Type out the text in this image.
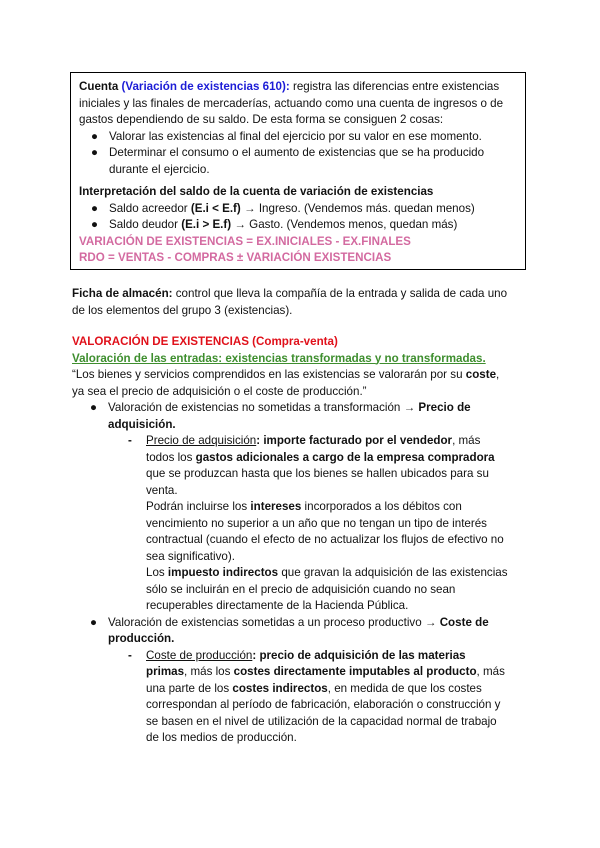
Cuenta (Variación de existencias 610): registra las diferencias entre existencias
iniciales y las finales de mercaderías, actuando como una cuenta de ingresos o de
gastos dependiendo de su saldo. De esta forma se consiguen 2 cosas:
● Valorar las existencias al final del ejercicio por su valor en ese momento.
● Determinar el consumo o el aumento de existencias que se ha producido
durante el ejercicio.
Interpretación del saldo de la cuenta de variación de existencias
● Saldo acreedor (E.i < E.f) → Ingreso. (Vendemos más. quedan menos)
● Saldo deudor (E.i > E.f) → Gasto. (Vendemos menos, quedan más)
VARIACIÓN DE EXISTENCIAS = EX.INICIALES - EX.FINALES
RDO = VENTAS - COMPRAS ± VARIACIÓN EXISTENCIAS
Ficha de almacén: control que lleva la compañía de la entrada y salida de cada uno
de los elementos del grupo 3 (existencias).
VALORACIÓN DE EXISTENCIAS (Compra-venta)
Valoración de las entradas: existencias transformadas y no transformadas.
“Los bienes y servicios comprendidos en las existencias se valorarán por su coste,
ya sea el precio de adquisición o el coste de producción.”
● Valoración de existencias no sometidas a transformación → Precio de
adquisición.
- Precio de adquisición: importe facturado por el vendedor, más
todos los gastos adicionales a cargo de la empresa compradora
que se produzcan hasta que los bienes se hallen ubicados para su
venta.
Podrán incluirse los intereses incorporados a los débitos con
vencimiento no superior a un año que no tengan un tipo de interés
contractual (cuando el efecto de no actualizar los flujos de efectivo no
sea significativo).
Los impuesto indirectos que gravan la adquisición de las existencias
sólo se incluirán en el precio de adquisición cuando no sean
recuperables directamente de la Hacienda Pública.
● Valoración de existencias sometidas a un proceso productivo → Coste de
producción.
- Coste de producción: precio de adquisición de las materias
primas, más los costes directamente imputables al producto, más
una parte de los costes indirectos, en medida de que los costes
correspondan al período de fabricación, elaboración o construcción y
se basen en el nivel de utilización de la capacidad normal de trabajo
de los medios de producción.
